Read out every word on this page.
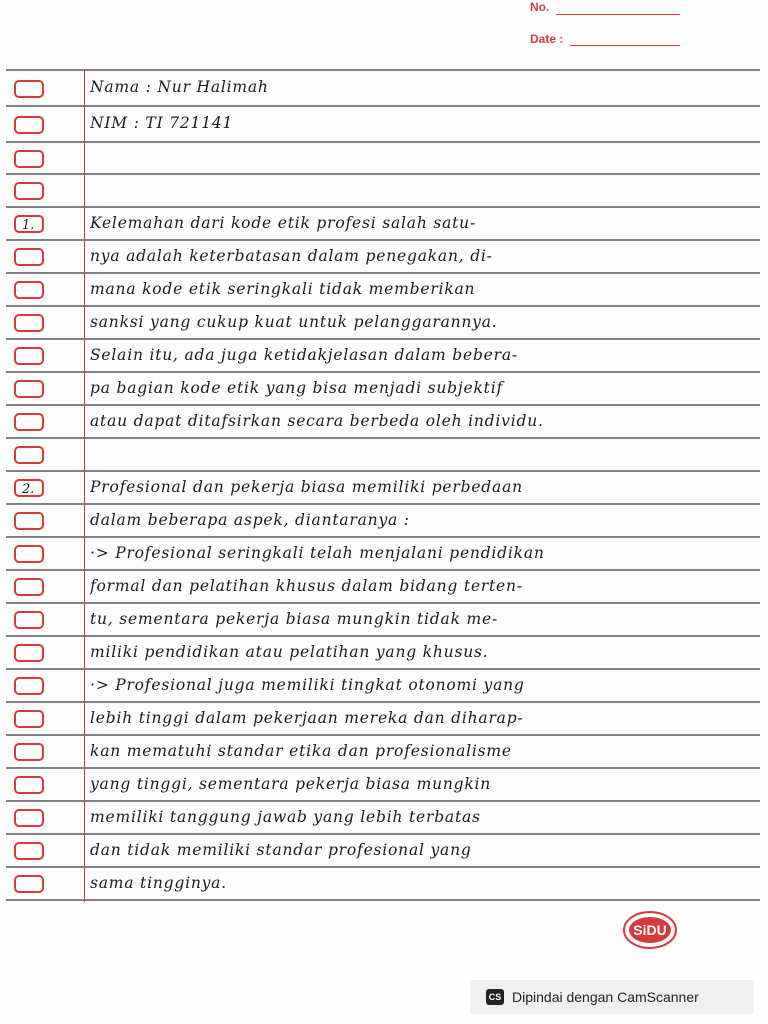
No.
Date :
1.
2.
Nama : Nur Halimah
NIM : TI 721141
Kelemahan dari kode etik profesi salah satu-
nya adalah keterbatasan dalam penegakan, di-
mana kode etik seringkali tidak memberikan
sanksi yang cukup kuat untuk pelanggarannya.
Selain itu, ada juga ketidakjelasan dalam bebera-
pa bagian kode etik yang bisa menjadi subjektif
atau dapat ditafsirkan secara berbeda oleh individu.
Profesional dan pekerja biasa memiliki perbedaan
dalam beberapa aspek, diantaranya :
·> Profesional seringkali telah menjalani pendidikan
formal dan pelatihan khusus dalam bidang terten-
tu, sementara pekerja biasa mungkin tidak me-
miliki pendidikan atau pelatihan yang khusus.
·> Profesional juga memiliki tingkat otonomi yang
lebih tinggi dalam pekerjaan mereka dan diharap-
kan mematuhi standar etika dan profesionalisme
yang tinggi, sementara pekerja biasa mungkin
memiliki tanggung jawab yang lebih terbatas
dan tidak memiliki standar profesional yang
sama tingginya.
SiDU
CS Dipindai dengan CamScanner
